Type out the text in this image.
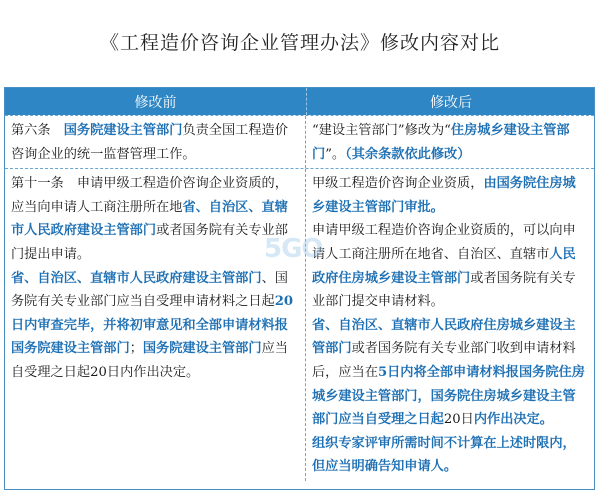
《工程造价咨询企业管理办法》修改内容对比
修改前	修改后

第六条　国务院建设主管部门负责全国工程造价咨询企业的统一监督管理工作。

“建设主管部门”修改为“住房城乡建设主管部门”。（其余条款依此修改）

第十一条　申请甲级工程造价咨询企业资质的，应当向申请人工商注册所在地省、自治区、直辖市人民政府建设主管部门或者国务院有关专业部门提出申请。

省、自治区、直辖市人民政府建设主管部门、国务院有关专业部门应当自受理申请材料之日起20日内审查完毕，并将初审意见和全部申请材料报国务院建设主管部门；国务院建设主管部门应当自受理之日起20日内作出决定。

甲级工程造价咨询企业资质，由国务院住房城乡建设主管部门审批。

申请甲级工程造价咨询企业资质的，可以向申请人工商注册所在地省、自治区、直辖市人民政府住房城乡建设主管部门或者国务院有关专业部门提交申请材料。

省、自治区、直辖市人民政府住房城乡建设主管部门或者国务院有关专业部门收到申请材料后，应当在5日内将全部申请材料报国务院住房城乡建设主管部门，国务院住房城乡建设主管部门应当自受理之日起20日内作出决定。

组织专家评审所需时间不计算在上述时限内，但应当明确告知申请人。

5GO
